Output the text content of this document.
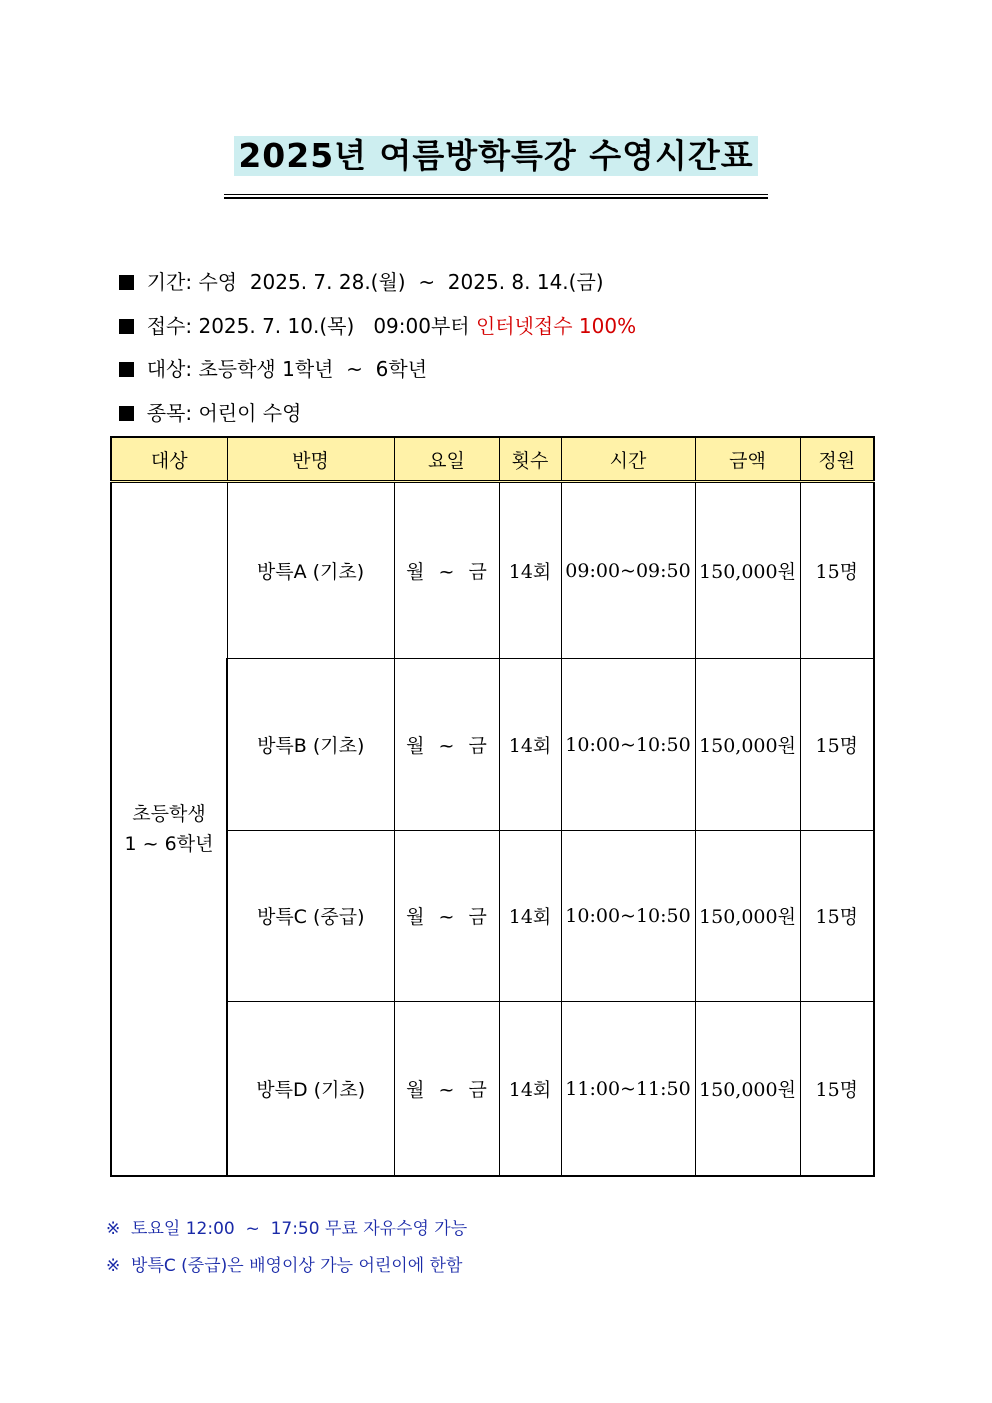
2025년 여름방학특강 수영시간표

기간: 수영  2025. 7. 28.(월)  ~  2025. 8. 14.(금)

접수: 2025. 7. 10.(목)   09:00부터 인터넷접수 100%

대상: 초등학생 1학년  ~  6학년

종목: 어린이 수영

대상	반명	요일	횟수	시간	금액	정원

초등학생
1 ~ 6학년	방특A (기초)	월 ~ 금	14회	09:00~09:50	150,000원	15명
	방특B (기초)	월 ~ 금	14회	10:00~10:50	150,000원	15명
	방특C (중급)	월 ~ 금	14회	10:00~10:50	150,000원	15명
	방특D (기초)	월 ~ 금	14회	11:00~11:50	150,000원	15명
※  토요일 12:00  ~  17:50 무료 자유수영 가능
※  방특C (중급)은 배영이상 가능 어린이에 한함
